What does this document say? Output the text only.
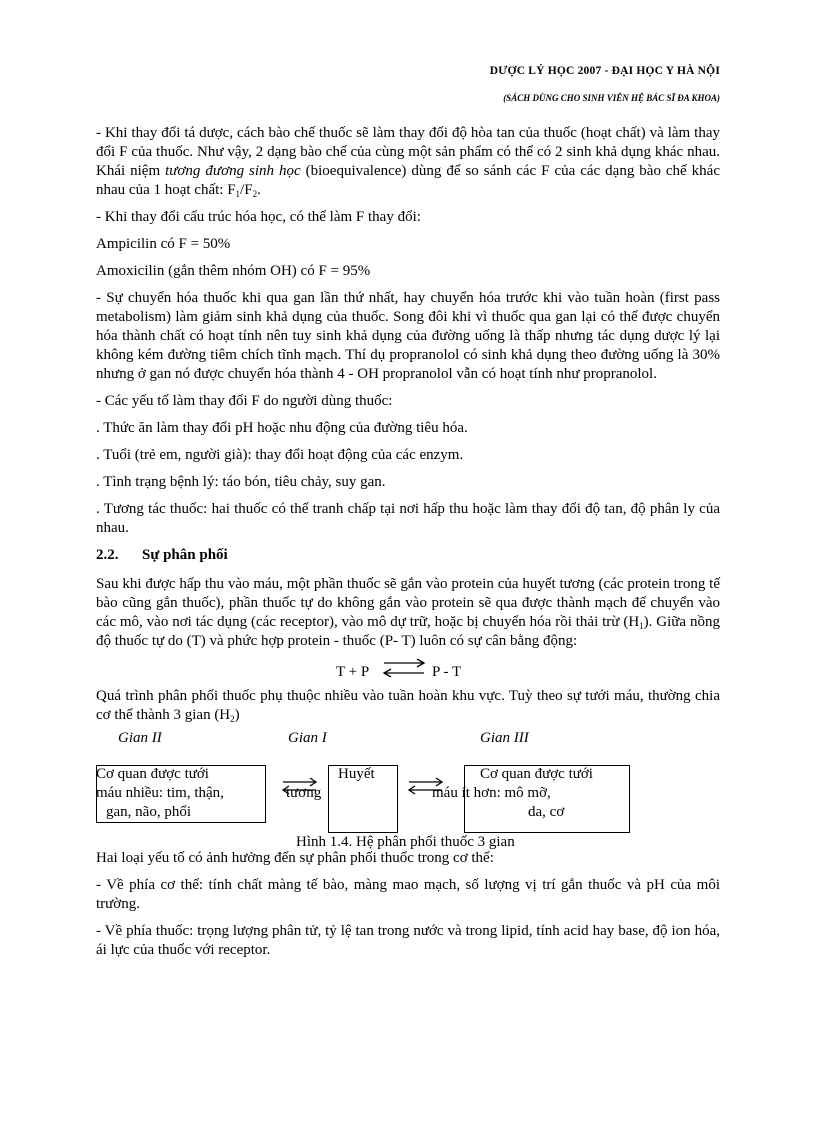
DƯỢC LÝ HỌC 2007 - ĐẠI HỌC Y HÀ NỘI
(SÁCH DÙNG CHO SINH VIÊN HỆ BÁC SĨ ĐA KHOA)

- Khi thay đổi tá dược, cách bào chế thuốc sẽ làm thay đổi độ hòa tan của thuốc (hoạt chất) và làm thay đổi F của thuốc. Như vậy, 2 dạng bào chế của cùng một sản phẩm có thể có 2 sinh khả dụng khác nhau. Khái niệm tương đương sinh học (bioequivalence) dùng để so sánh các F của các dạng bào chế khác nhau của 1 hoạt chất: $F_1/F_2$.

- Khi thay đổi cấu trúc hóa học, có thể làm F thay đổi:

Ampicilin có F = 50%

Amoxicilin (gắn thêm nhóm OH) có F = 95%

- Sự chuyển hóa thuốc khi qua gan lần thứ nhất, hay chuyển hóa trước khi vào tuần hoàn (first pass metabolism) làm giảm sinh khả dụng của thuốc. Song đôi khi vì thuốc qua gan lại có thể được chuyển hóa thành chất có hoạt tính nên tuy sinh khả dụng của đường uống là thấp nhưng tác dụng dược lý lại không kém đường tiêm chích tĩnh mạch. Thí dụ propranolol có sinh khả dụng theo đường uống là 30% nhưng ở gan nó được chuyển hóa thành 4 - OH propranolol vẫn có hoạt tính như propranolol.

- Các yếu tố làm thay đổi F do người dùng thuốc:

. Thức ăn làm thay đổi pH hoặc nhu động của đường tiêu hóa.

. Tuổi (trẻ em, người già): thay đổi hoạt động của các enzym.

. Tình trạng bệnh lý: táo bón, tiêu chảy, suy gan.

. Tương tác thuốc: hai thuốc có thể tranh chấp tại nơi hấp thu hoặc làm thay đổi độ tan, độ phân ly của nhau.

2.2. Sự phân phối

Sau khi được hấp thu vào máu, một phần thuốc sẽ gắn vào protein của huyết tương (các protein trong tế bào cũng gắn thuốc), phần thuốc tự do không gắn vào protein sẽ qua được thành mạch để chuyển vào các mô, vào nơi tác dụng (các receptor), vào mô dự trữ, hoặc bị chuyển hóa rồi thải trừ $(H_1)$. Giữa nồng độ thuốc tự do (T) và phức hợp protein - thuốc (P- T) luôn có sự cân bằng động:

T + P ⇌ P - T

Quá trình phân phối thuốc phụ thuộc nhiều vào tuần hoàn khu vực. Tuỳ theo sự tưới máu, thường chia cơ thể thành 3 gian $(H_2)$

Gian II	Gian I	Gian III
Cơ quan được tưới
máu nhiều: tim, thận,
gan, não, phổi
Huyết
tương
Cơ quan được tưới
máu ít hơn: mô mỡ,
da, cơ
Hình 1.4. Hệ phân phối thuốc 3 gian

Hai loại yếu tố có ảnh hưởng đến sự phân phối thuốc trong cơ thể:

- Về phía cơ thể: tính chất màng tế bào, màng mao mạch, số lượng vị trí gắn thuốc và pH của môi trường.

- Về phía thuốc: trọng lượng phân tử, tỷ lệ tan trong nước và trong lipid, tính acid hay base, độ ion hóa, ái lực của thuốc với receptor.
